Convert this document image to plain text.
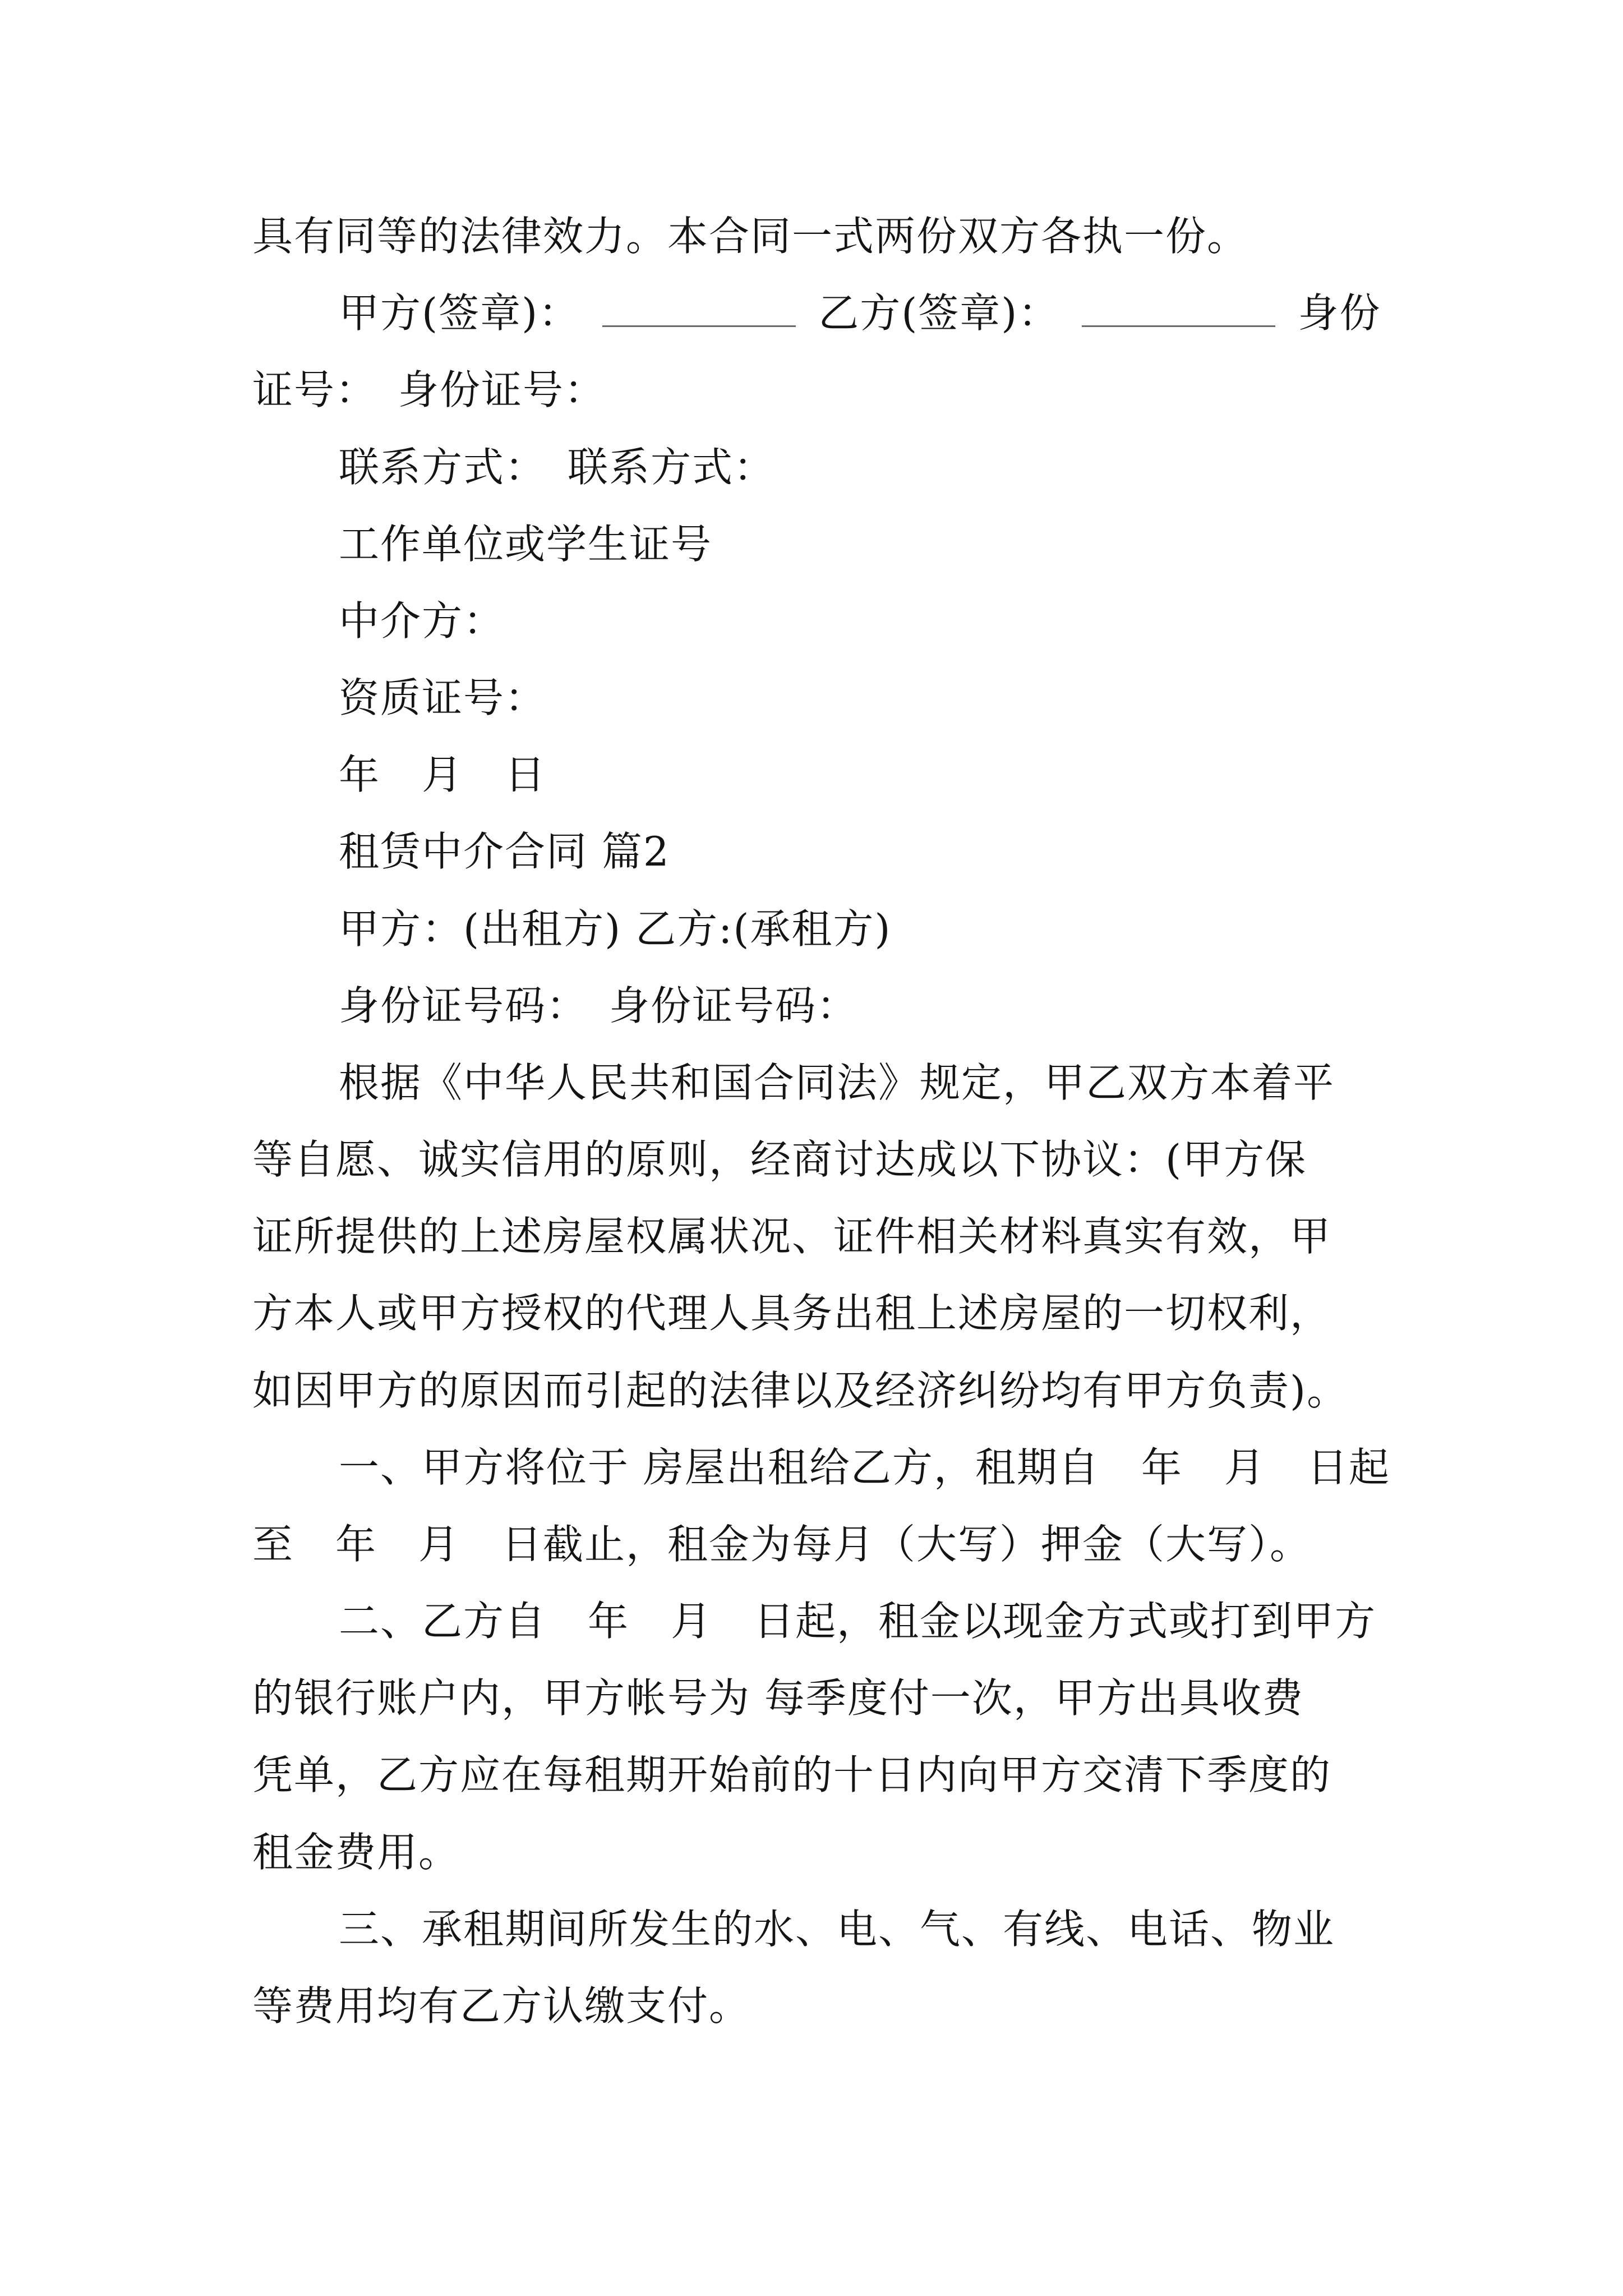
具有同等的法律效力。本合同一式两份双方各执一份。
甲方(签章)：	乙方(签章)：	身份
证号：　身份证号：
联系方式：　联系方式：
工作单位或学生证号
中介方：
资质证号：
年　月　日
租赁中介合同 篇2
甲方：(出租方) 乙方:(承租方)
身份证号码：　身份证号码：
根据《中华人民共和国合同法》规定，甲乙双方本着平
等自愿、诚实信用的原则，经商讨达成以下协议：(甲方保
证所提供的上述房屋权属状况、证件相关材料真实有效，甲
方本人或甲方授权的代理人具务出租上述房屋的一切权利，
如因甲方的原因而引起的法律以及经济纠纷均有甲方负责)。
一、甲方将位于 房屋出租给乙方，租期自　年　月　日起
至　年　月　日截止，租金为每月（大写）押金（大写）。
二、乙方自　年　月　日起，租金以现金方式或打到甲方
的银行账户内，甲方帐号为 每季度付一次，甲方出具收费
凭单，乙方应在每租期开始前的十日内向甲方交清下季度的
租金费用。
三、承租期间所发生的水、电、气、有线、电话、物业
等费用均有乙方认缴支付。
